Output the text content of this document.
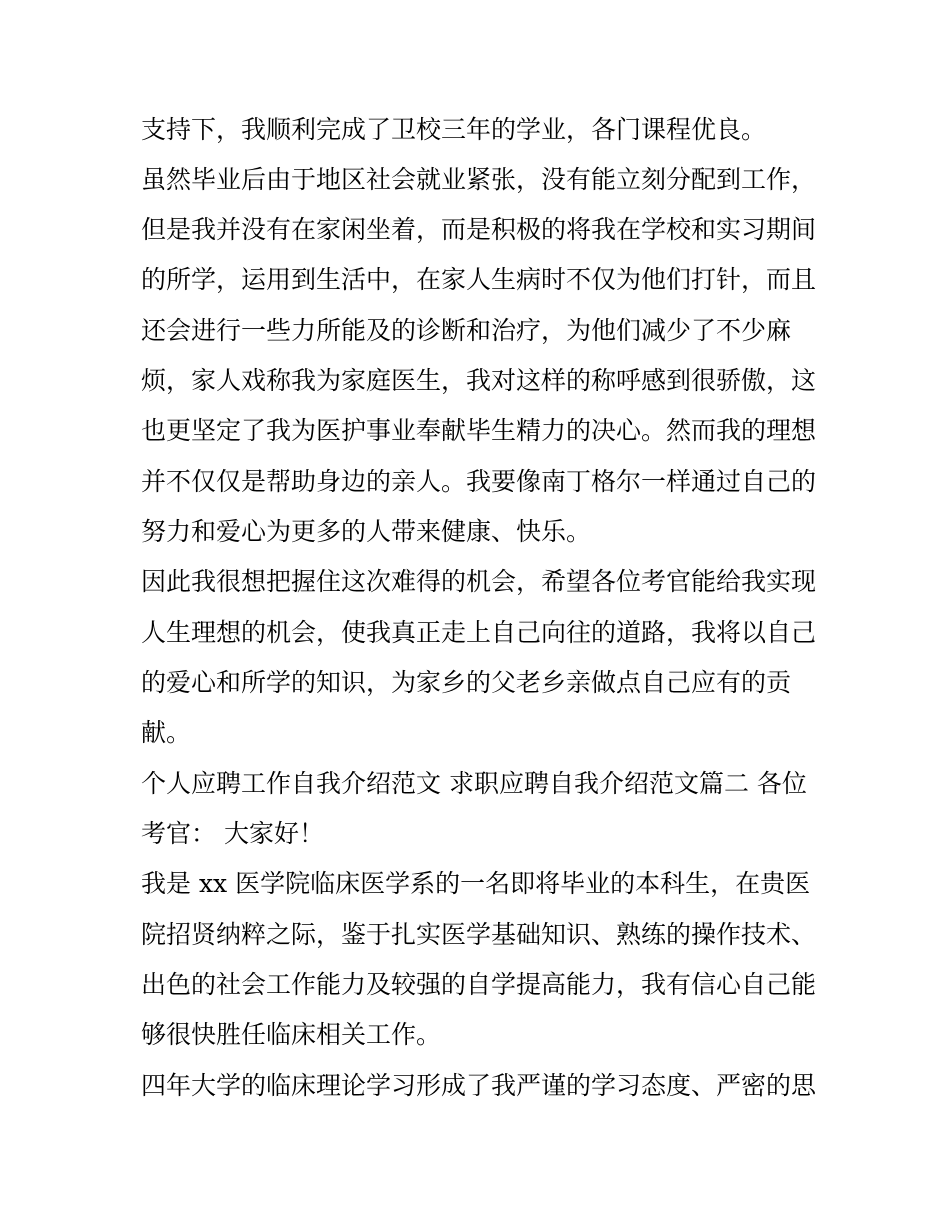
支持下，我顺利完成了卫校三年的学业，各门课程优良。
虽然毕业后由于地区社会就业紧张，没有能立刻分配到工作，
但是我并没有在家闲坐着，而是积极的将我在学校和实习期间
的所学，运用到生活中，在家人生病时不仅为他们打针，而且
还会进行一些力所能及的诊断和治疗，为他们减少了不少麻
烦，家人戏称我为家庭医生，我对这样的称呼感到很骄傲，这
也更坚定了我为医护事业奉献毕生精力的决心。然而我的理想
并不仅仅是帮助身边的亲人。我要像南丁格尔一样通过自己的
努力和爱心为更多的人带来健康、快乐。
因此我很想把握住这次难得的机会，希望各位考官能给我实现
人生理想的机会，使我真正走上自己向往的道路，我将以自己
的爱心和所学的知识，为家乡的父老乡亲做点自己应有的贡
献。
个人应聘工作自我介绍范文 求职应聘自我介绍范文篇二 各位
考官： 大家好！
我是 xx 医学院临床医学系的一名即将毕业的本科生，在贵医
院招贤纳粹之际，鉴于扎实医学基础知识、熟练的操作技术、
出色的社会工作能力及较强的自学提高能力，我有信心自己能
够很快胜任临床相关工作。
四年大学的临床理论学习形成了我严谨的学习态度、严密的思
